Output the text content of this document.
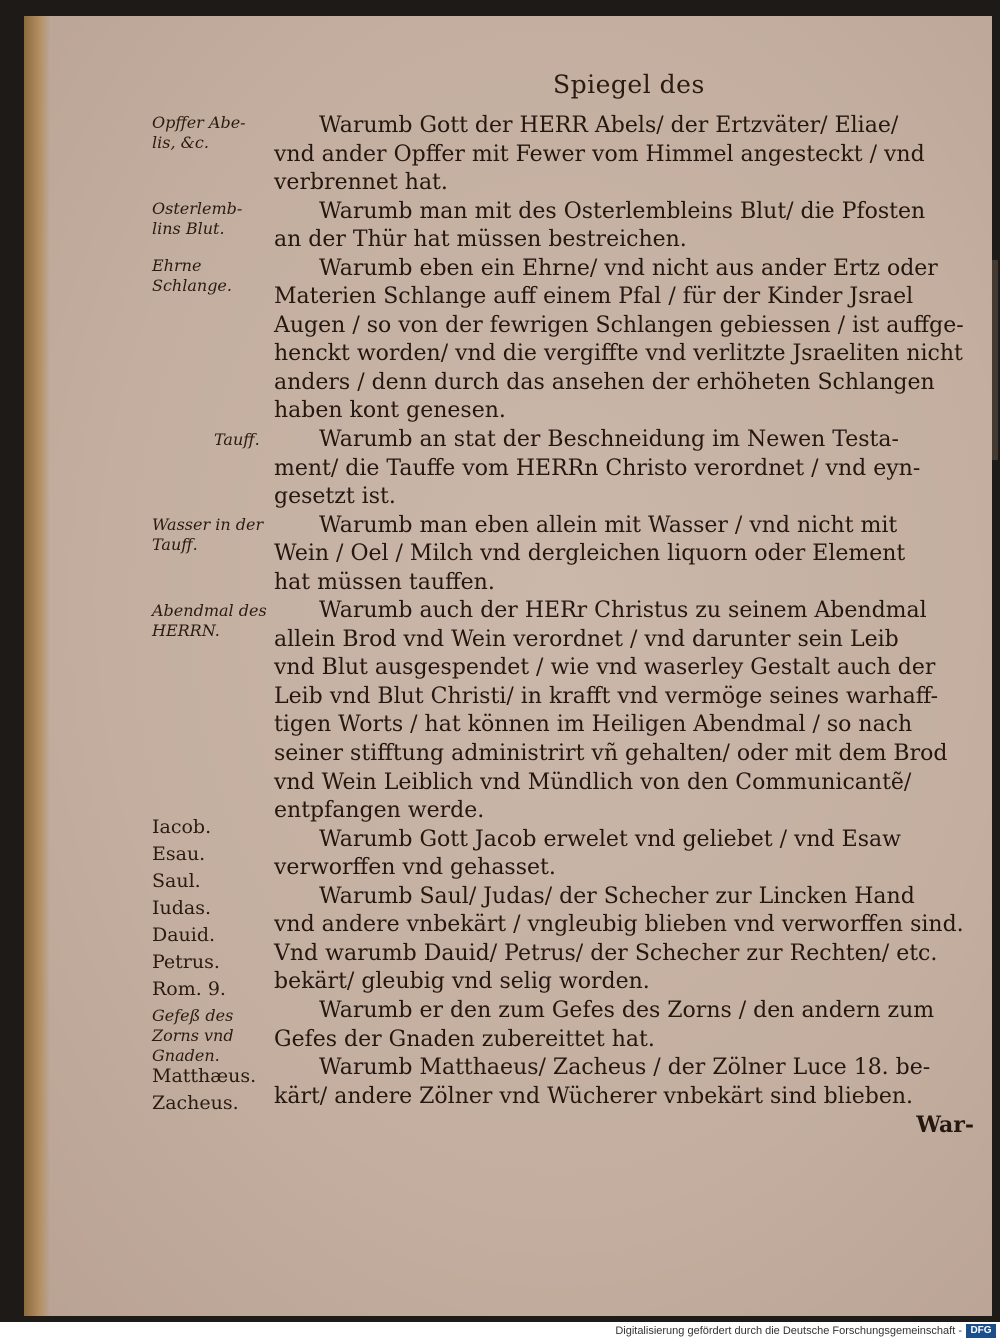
Spiegel des
Opffer Abe-
lis, &c.
Osterlemb-
lins Blut.
Ehrne
Schlange.
Tauff.
Wasser in der
Tauff.
Abendmal des
HERRN.
Iacob.
Esau.
Saul.
Iudas.
Dauid.
Petrus.
Rom. 9.
Gefeß des
Zorns vnd
Gnaden.
Matthæus.
Zacheus.

Warumb Gott der HERR Abels/ der Ertzväter/ Eliae/
vnd ander Opffer mit Fewer vom Himmel angesteckt / vnd
verbrennet hat.

Warumb man mit des Osterlembleins Blut/ die Pfosten
an der Thür hat müssen bestreichen.

Warumb eben ein Ehrne/ vnd nicht aus ander Ertz oder
Materien Schlange auff einem Pfal / für der Kinder Jsrael
Augen / so von der fewrigen Schlangen gebiessen / ist auffge-
henckt worden/ vnd die vergiffte vnd verlitzte Jsraeliten nicht
anders / denn durch das ansehen der erhöheten Schlangen
haben kont genesen.

Warumb an stat der Beschneidung im Newen Testa-
ment/ die Tauffe vom HERRn Christo verordnet / vnd eyn-
gesetzt ist.

Warumb man eben allein mit Wasser / vnd nicht mit
Wein / Oel / Milch vnd dergleichen liquorn oder Element
hat müssen tauffen.

Warumb auch der HERr Christus zu seinem Abendmal
allein Brod vnd Wein verordnet / vnd darunter sein Leib
vnd Blut ausgespendet / wie vnd waserley Gestalt auch der
Leib vnd Blut Christi/ in krafft vnd vermöge seines warhaff-
tigen Worts / hat können im Heiligen Abendmal / so nach
seiner stifftung administrirt vñ gehalten/ oder mit dem Brod
vnd Wein Leiblich vnd Mündlich von den Communicantẽ/
entpfangen werde.

Warumb Gott Jacob erwelet vnd geliebet / vnd Esaw
verworffen vnd gehasset.

Warumb Saul/ Judas/ der Schecher zur Lincken Hand
vnd andere vnbekärt / vngleubig blieben vnd verworffen sind.
Vnd warumb Dauid/ Petrus/ der Schecher zur Rechten/ etc.
bekärt/ gleubig vnd selig worden.

Warumb er den zum Gefes des Zorns / den andern zum
Gefes der Gnaden zubereittet hat.

Warumb Matthaeus/ Zacheus / der Zölner Luce 18. be-
kärt/ andere Zölner vnd Wücherer vnbekärt sind blieben.

War-

Digitalisierung gefördert durch die Deutsche Forschungsgemeinschaft - DFG
